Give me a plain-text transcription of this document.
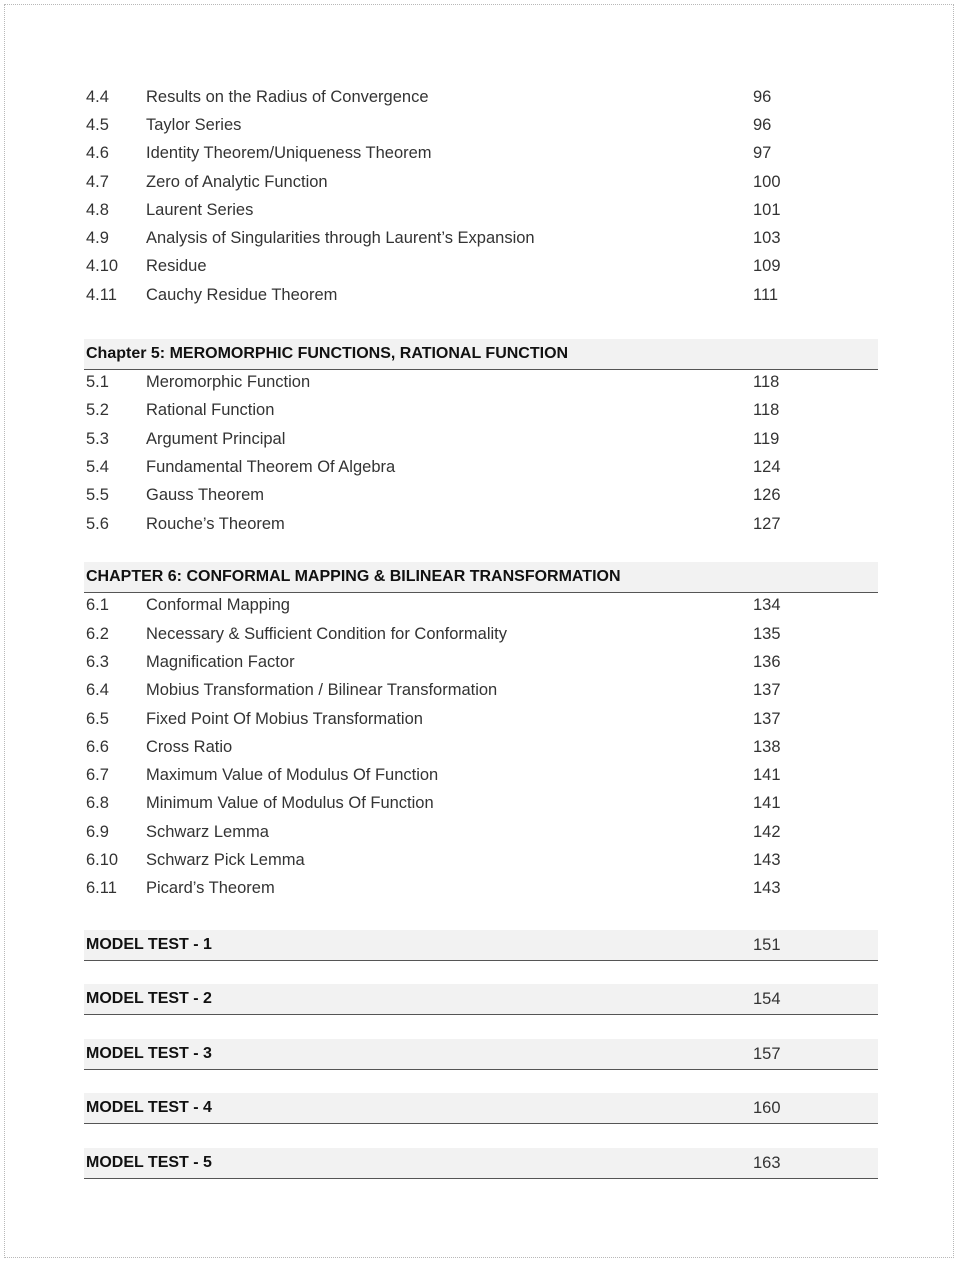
4.4 Results on the Radius of Convergence	96
4.5 Taylor Series	96
4.6 Identity Theorem/Uniqueness Theorem	97
4.7 Zero of Analytic Function	100
4.8 Laurent Series	101
4.9 Analysis of Singularities through Laurent’s Expansion	103
4.10 Residue	109
4.11 Cauchy Residue Theorem	111
Chapter 5: MEROMORPHIC FUNCTIONS, RATIONAL FUNCTION
5.1 Meromorphic Function	118
5.2 Rational Function	118
5.3 Argument Principal	119
5.4 Fundamental Theorem Of Algebra	124
5.5 Gauss Theorem	126
5.6 Rouche’s Theorem	127
CHAPTER 6: CONFORMAL MAPPING & BILINEAR TRANSFORMATION
6.1 Conformal Mapping	134
6.2 Necessary & Sufficient Condition for Conformality	135
6.3 Magnification Factor	136
6.4 Mobius Transformation / Bilinear Transformation	137
6.5 Fixed Point Of Mobius Transformation	137
6.6 Cross Ratio	138
6.7 Maximum Value of Modulus Of Function	141
6.8 Minimum Value of Modulus Of Function	141
6.9 Schwarz Lemma	142
6.10 Schwarz Pick Lemma	143
6.11 Picard’s Theorem	143
MODEL TEST - 1	151
MODEL TEST - 2	154
MODEL TEST - 3	157
MODEL TEST - 4	160
MODEL TEST - 5	163
